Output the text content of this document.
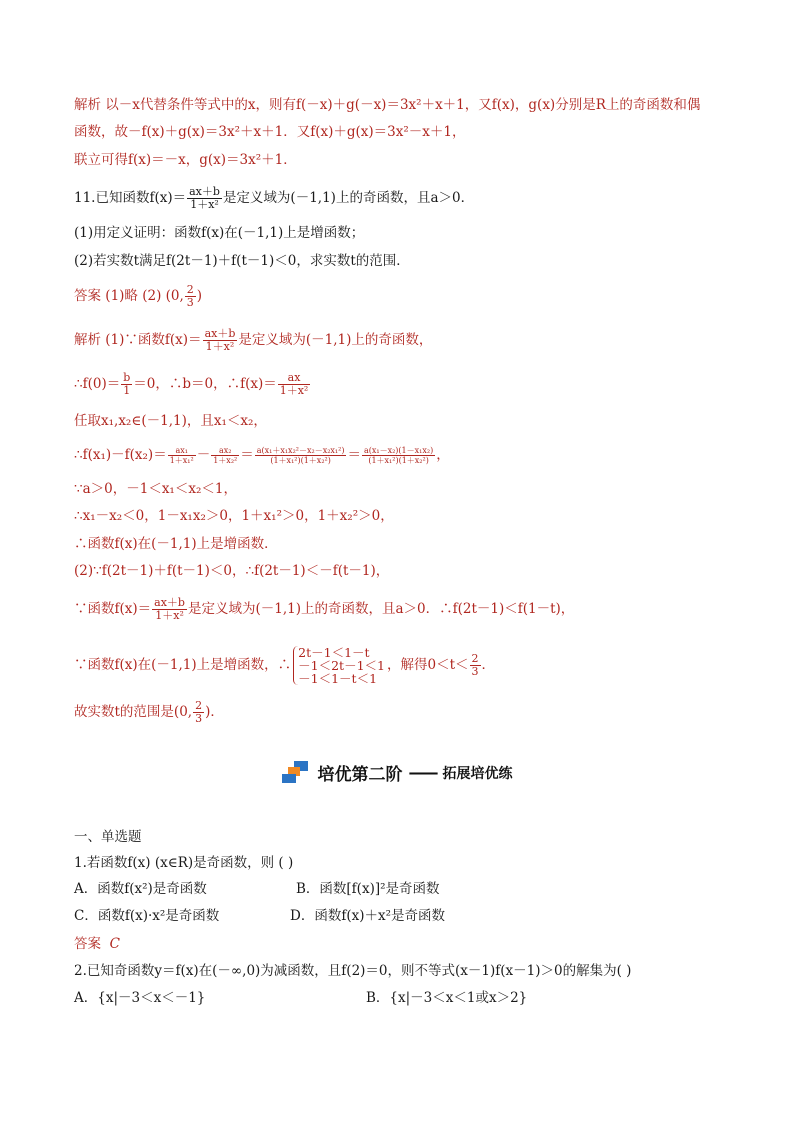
解析 以－x代替条件等式中的x，则有f(－x)＋g(－x)＝3x²＋x＋1，又f(x)，g(x)分别是R上的奇函数和偶
函数，故－f(x)＋g(x)＝3x²＋x＋1．又f(x)＋g(x)＝3x²－x＋1，
联立可得f(x)＝－x，g(x)＝3x²＋1．
11.已知函数$f(x)= \frac{ax+b}{\text{1＋x²}}$ 是定义域为(－1,1)上的奇函数，且a＞0．
(1)用定义证明：函数f(x)在(－1,1)上是增函数；
(2)若实数t满足f(2t－1)＋f(t－1)＜0，求实数t的范围．
答案 (1)略 (2) (0, $\frac{2}{3}$ )
解析 (1)∵函数$f(x)= \frac{ax+b}{\text{1＋x²}}$ 是定义域为(－1,1)上的奇函数，
∴f(0)＝ $\frac{b}{1} =0$，∴b＝0，∴f(x)＝ $\frac{ax}{\text{1＋x²}}$
任取x₁,x₂∈(－1,1)，且x₁＜x₂，
∴f(x₁)－f(x₂)＝ $\frac{\text{ax₁}}{\text{1＋x₁²}} - \frac{\text{ax₂}}{\text{1＋x₂²}} = \frac{\text{a(x₁＋x₁x₂²－x₂－x₂x₁²)}}{\text{(1＋x₁²)(1＋x₂²)}} = \frac{\text{a(x₁－x₂)(1－x₁x₂)}}{\text{(1＋x₁²)(1＋x₂²)}}$ ，
∵a＞0，－1＜x₁＜x₂＜1，
∴x₁－x₂＜0，1－x₁x₂＞0，1＋x₁²＞0，1＋x₂²＞0，
∴函数f(x)在(－1,1)上是增函数．
(2)∵f(2t－1)＋f(t－1)＜0，∴f(2t－1)＜－f(t－1)，
∵函数$f(x)= \frac{ax+b}{\text{1＋x²}}$ 是定义域为(－1,1)上的奇函数，且a＞0．∴f(2t－1)＜f(1－t)，
∵函数f(x)在(－1,1)上是增函数，∴
2t－1＜1－t
－1＜2t－1＜1
－1＜1－t＜1
，解得$0<t< \frac{2}{3}$ ．
故实数t的范围是(0, $\frac{2}{3}$ )．
培优第二阶 —— 拓展培优练
一、单选题
1.若函数f(x) (x∈R)是奇函数，则 ( )
A．函数f(x²)是奇函数	B．函数[f(x)]²是奇函数
C．函数f(x)·x²是奇函数	D．函数f(x)＋x²是奇函数
答案 C
2.已知奇函数y＝f(x)在(－∞,0)为减函数，且f(2)＝0，则不等式(x－1)f(x－1)＞0的解集为( )
A．{x|－3＜x＜－1}	B．{x|－3＜x＜1或x＞2}
